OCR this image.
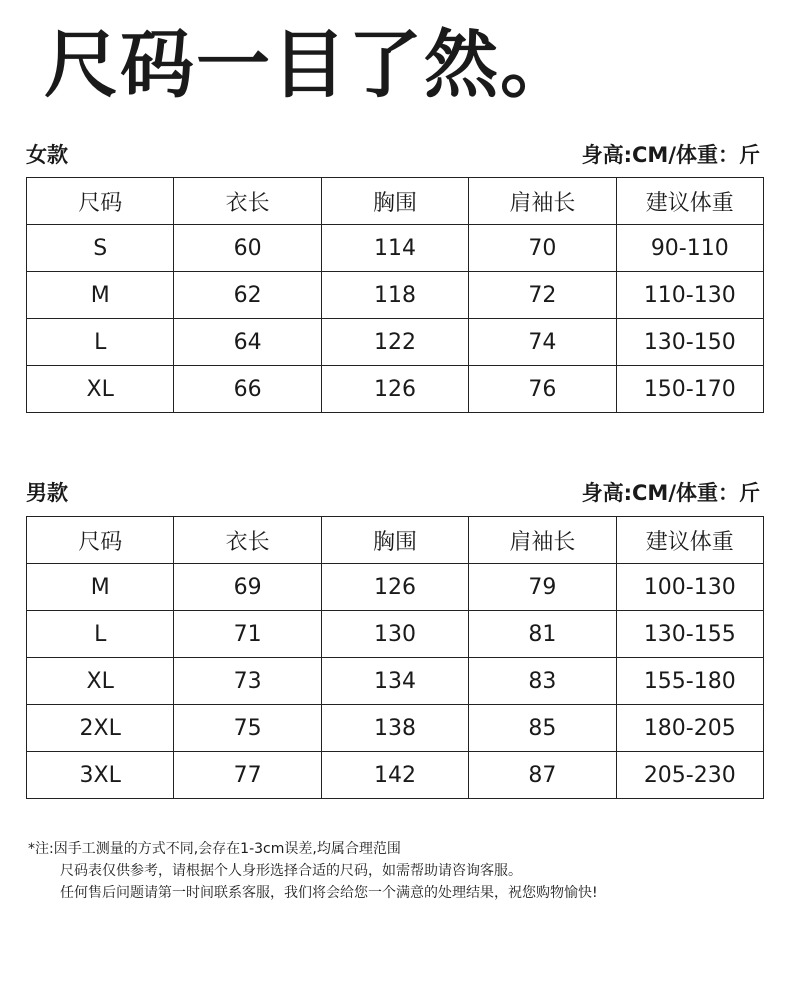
尺码一目了然。
女款	身高:CM/体重：斤
尺码	衣长	胸围	肩袖长	建议体重
S	60	114	70	90-110
M	62	118	72	110-130
L	64	122	74	130-150
XL	66	126	76	150-170
男款	身高:CM/体重：斤
尺码	衣长	胸围	肩袖长	建议体重
M	69	126	79	100-130
L	71	130	81	130-155
XL	73	134	83	155-180
2XL	75	138	85	180-205
3XL	77	142	87	205-230
*注:因手工测量的方式不同,会存在1-3cm误差,均属合理范围
尺码表仅供参考，请根据个人身形选择合适的尺码，如需帮助请咨询客服。
任何售后问题请第一时间联系客服，我们将会给您一个满意的处理结果，祝您购物愉快!
